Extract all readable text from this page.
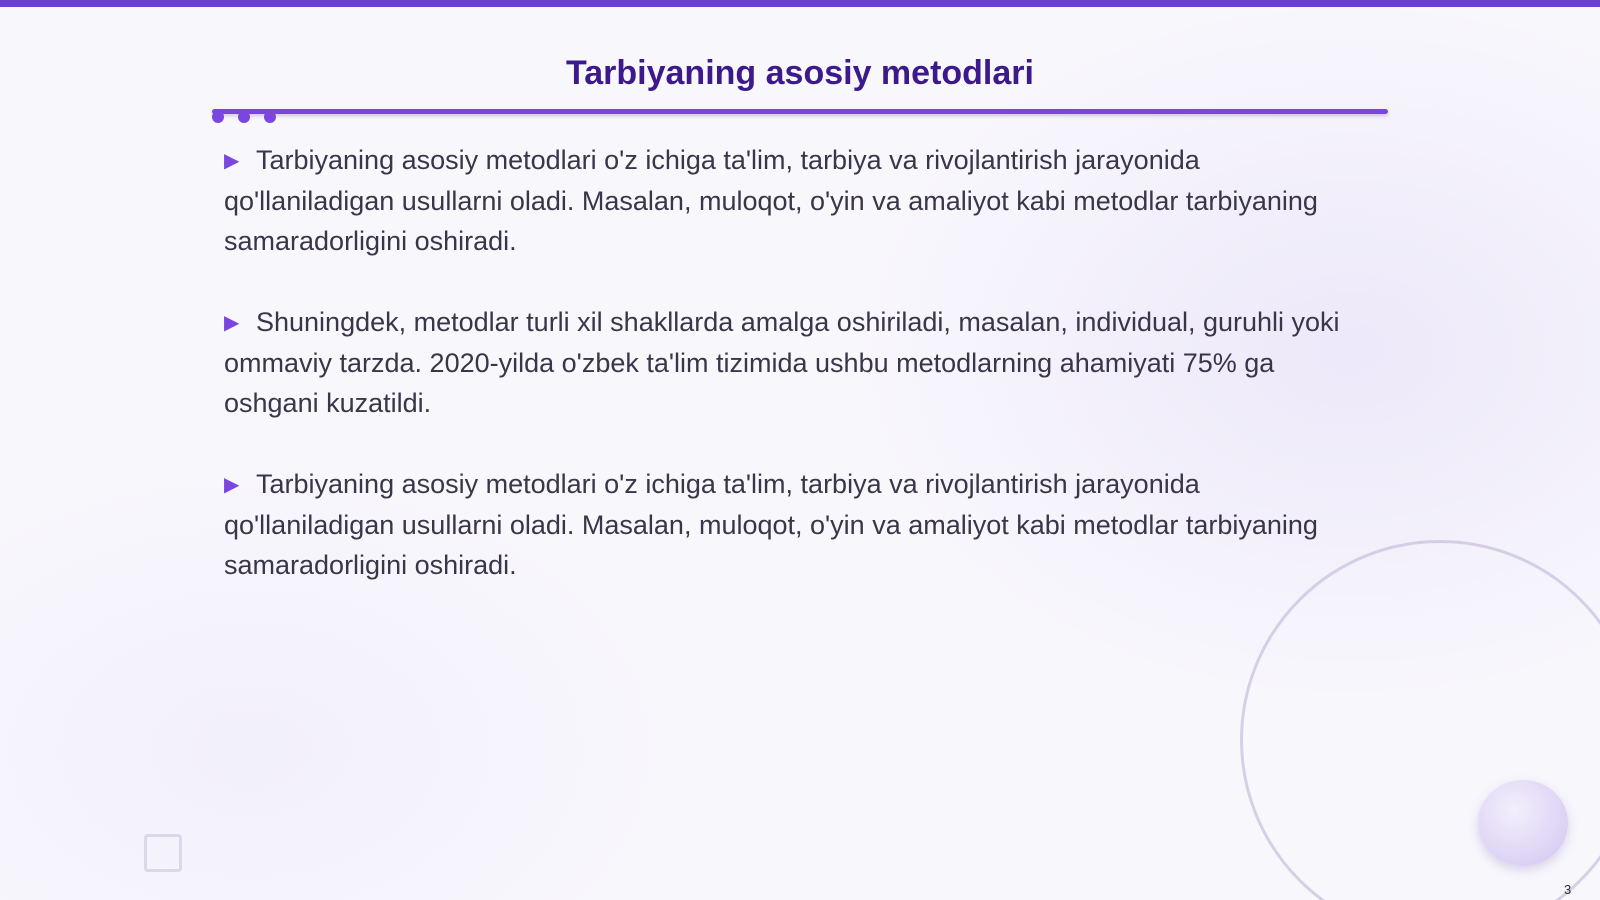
Tarbiyaning asosiy metodlari

▶ Tarbiyaning asosiy metodlari o'z ichiga ta'lim, tarbiya va rivojlantirish jarayonida qo'llaniladigan usullarni oladi. Masalan, muloqot, o'yin va amaliyot kabi metodlar tarbiyaning samaradorligini oshiradi.

▶ Shuningdek, metodlar turli xil shakllarda amalga oshiriladi, masalan, individual, guruhli yoki ommaviy tarzda. 2020-yilda o'zbek ta'lim tizimida ushbu metodlarning ahamiyati 75% ga oshgani kuzatildi.

▶ Tarbiyaning asosiy metodlari o'z ichiga ta'lim, tarbiya va rivojlantirish jarayonida qo'llaniladigan usullarni oladi. Masalan, muloqot, o'yin va amaliyot kabi metodlar tarbiyaning samaradorligini oshiradi.

3
